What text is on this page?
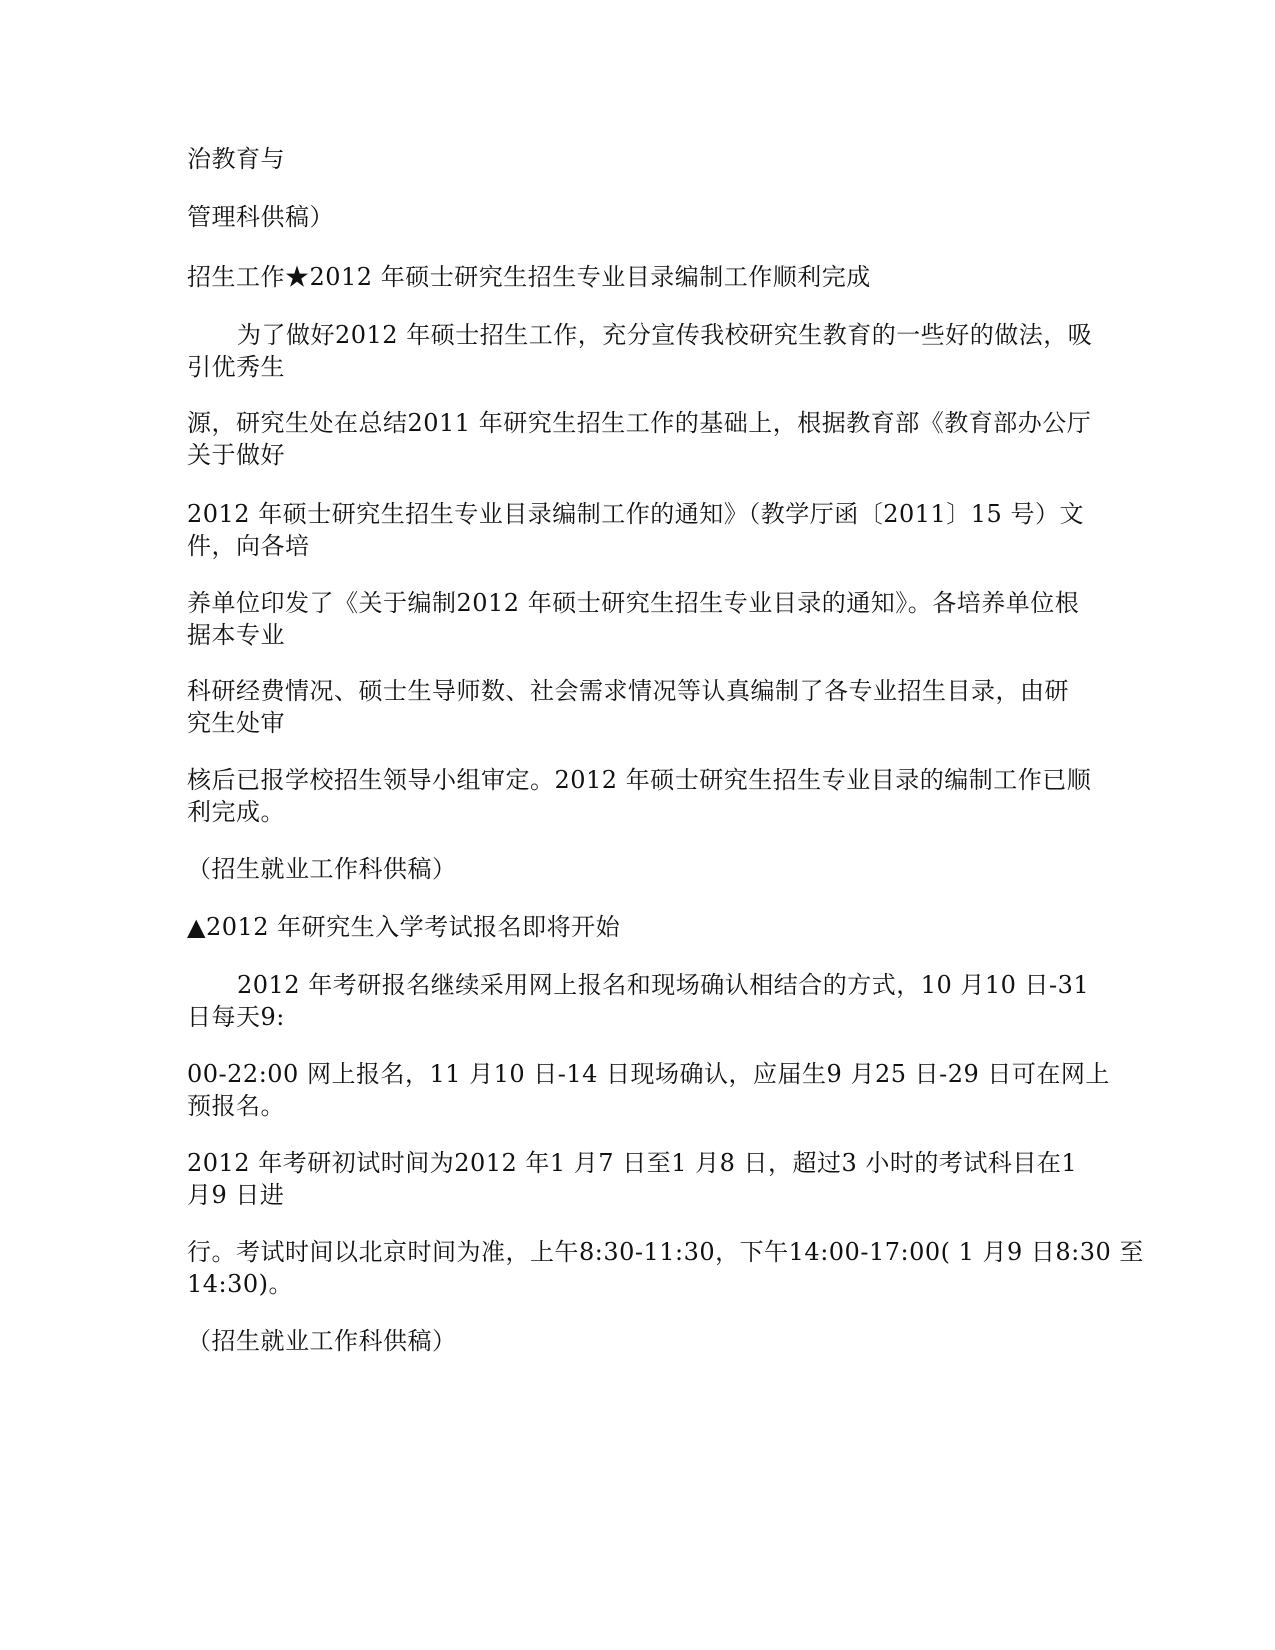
治教育与
管理科供稿）
招生工作★2012 年硕士研究生招生专业目录编制工作顺利完成
为了做好2012 年硕士招生工作，充分宣传我校研究生教育的一些好的做法，吸
引优秀生
源，研究生处在总结2011 年研究生招生工作的基础上，根据教育部《教育部办公厅
关于做好
2012 年硕士研究生招生专业目录编制工作的通知》（教学厅函〔2011〕15 号）文
件，向各培
养单位印发了《关于编制2012 年硕士研究生招生专业目录的通知》。各培养单位根
据本专业
科研经费情况、硕士生导师数、社会需求情况等认真编制了各专业招生目录，由研
究生处审
核后已报学校招生领导小组审定。2012 年硕士研究生招生专业目录的编制工作已顺
利完成。
（招生就业工作科供稿）
▲2012 年研究生入学考试报名即将开始
2012 年考研报名继续采用网上报名和现场确认相结合的方式，10 月10 日-31
日每天9:
00-22:00 网上报名，11 月10 日-14 日现场确认，应届生9 月25 日-29 日可在网上
预报名。
2012 年考研初试时间为2012 年1 月7 日至1 月8 日，超过3 小时的考试科目在1
月9 日进
行。考试时间以北京时间为准，上午8:30-11:30，下午14:00-17:00( 1 月9 日8:30 至
14:30)。
（招生就业工作科供稿）
